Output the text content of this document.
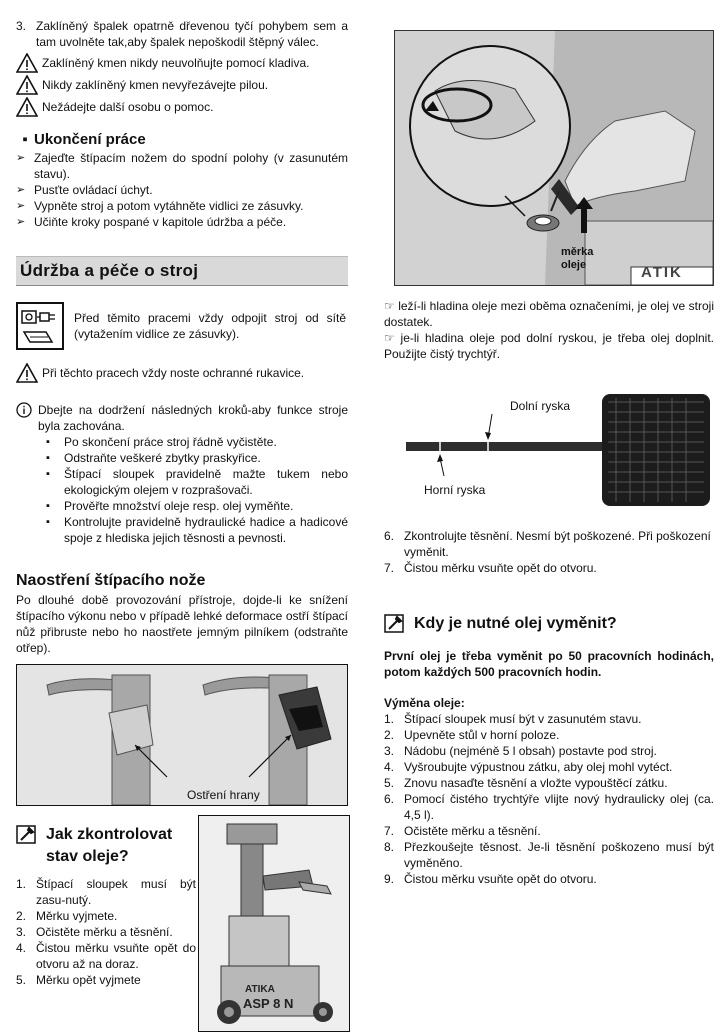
3. Zaklíněný špalek opatrně dřevenou tyčí pohybem sem a tam uvolněte tak,aby špalek nepoškodil štěpný válec.

Zaklíněný kmen nikdy neuvolňujte pomocí kladiva.
Nikdy zaklíněný kmen nevyřezávejte pilou.
Nežádejte další osobu o pomoc.
▪ Ukončení práce
➢ Zajeďte štípacím nožem do spodní polohy (v zasunutém stavu).

➢ Pusťte ovládací úchyt.

➢ Vypněte stroj a potom vytáhněte vidlici ze zásuvky.

➢ Učiňte kroky pospané v kapitole údržba a péče.

Údržba a péče o stroj

Před těmito pracemi vždy odpojit stroj od sítě (vytažením vidlice ze zásuvky).

Při těchto pracech vždy noste ochranné rukavice.

Dbejte na dodržení následných kroků-aby funkce stroje byla zachována.

▪	Po skončení práce stroj řádně vyčistěte.

▪	Odstraňte veškeré zbytky praskyřice.

▪	Štípací sloupek pravidelně mažte tukem nebo ekologickým olejem v rozprašovači.

▪	Prověřte množství oleje resp. olej vyměňte.

▪	Kontrolujte pravidelně hydraulické hadice a hadicové spoje z hlediska jejich těsnosti a pevnosti.

Naostření štípacího nože

Po dlouhé době provozování přístroje, dojde-li ke snížení štípacího výkonu nebo v případě lehké deformace ostří štípací nůž přibruste nebo ho naostřete jemným pilníkem (odstraňte otřep).

Ostření hrany
Jak zkontrolovat
stav oleje?
1. Štípací sloupek musí být zasu-nutý.

2. Měrku vyjmete.

3. Očistěte měrku a těsnění.

4. Čistou měrku vsuňte opět do otvoru až na doraz.

5. Měrku opět vyjmete

ATIKA
ASP 8 N
měrka
oleje	ATIK

☞ leží-li hladina oleje mezi oběma označeními, je olej ve stroji dostatek.

☞ je-li hladina oleje pod dolní ryskou, je třeba olej doplnit. Použijte čistý trychtýř.

Dolní ryska
Horní ryska
6. Zkontrolujte těsnění. Nesmí být poškozené. Při poškození vyměnit.

7. Čistou měrku vsuňte opět do otvoru.

Kdy je nutné olej vyměnit?

První olej je třeba vyměnit po 50 pracovních hodinách, potom každých 500 pracovních hodin.

Výměna oleje:
1. Štípací sloupek musí být v zasunutém stavu.

2. Upevněte stůl v horní poloze.

3. Nádobu (nejméně 5 l obsah) postavte pod stroj.

4. Vyšroubujte výpustnou zátku, aby olej mohl vytéct.

5. Znovu nasaďte těsnění a vložte vypouštěcí zátku.

6. Pomocí čistého trychtýře vlijte nový hydraulicky olej (ca. 4,5 l).

7. Očistěte měrku a těsnění.

8. Přezkoušejte těsnost. Je-li těsnění poškozeno musí být vyměněno.

9. Čistou měrku vsuňte opět do otvoru.
